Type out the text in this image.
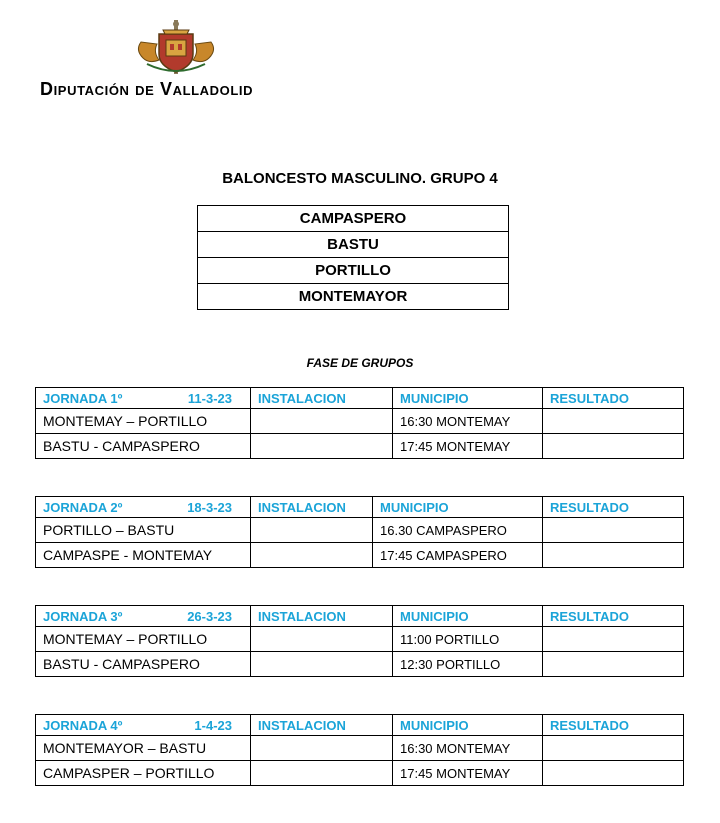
Diputación de Valladolid
BALONCESTO MASCULINO. GRUPO 4
CAMPASPERO
BASTU
PORTILLO
MONTEMAYOR
FASE DE GRUPOS
JORNADA 1º 11-3-23	INSTALACION	MUNICIPIO	RESULTADO
MONTEMAY – PORTILLO		16:30 MONTEMAY	
BASTU - CAMPASPERO		17:45 MONTEMAY	
JORNADA 2º 18-3-23	INSTALACION	MUNICIPIO	RESULTADO
PORTILLO – BASTU		16.30 CAMPASPERO	
CAMPASPE - MONTEMAY		17:45 CAMPASPERO	
JORNADA 3º 26-3-23	INSTALACION	MUNICIPIO	RESULTADO
MONTEMAY – PORTILLO		11:00 PORTILLO	
BASTU - CAMPASPERO		12:30 PORTILLO	
JORNADA 4º 1-4-23	INSTALACION	MUNICIPIO	RESULTADO
MONTEMAYOR – BASTU		16:30 MONTEMAY	
CAMPASPER – PORTILLO		17:45 MONTEMAY	
